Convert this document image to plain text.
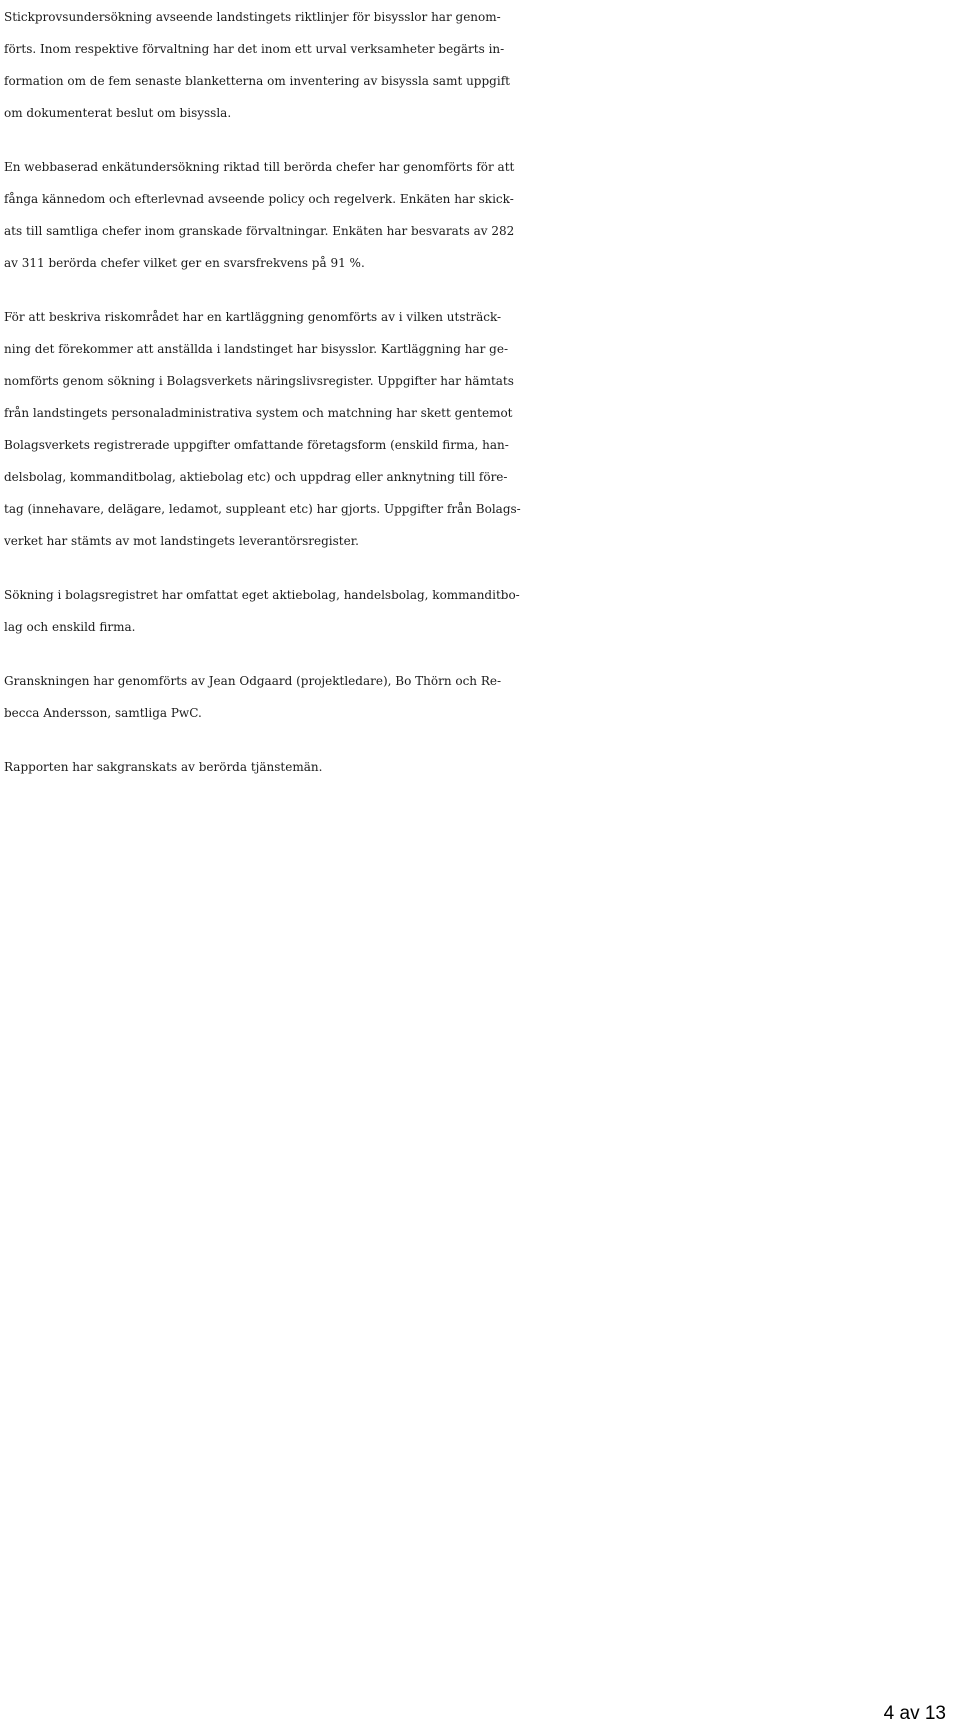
Stickprovsundersökning avseende landstingets riktlinjer för bisysslor har genom-
förts. Inom respektive förvaltning har det inom ett urval verksamheter begärts in-
formation om de fem senaste blanketterna om inventering av bisyssla samt uppgift
om dokumenterat beslut om bisyssla.

En webbaserad enkätundersökning riktad till berörda chefer har genomförts för att
fånga kännedom och efterlevnad avseende policy och regelverk. Enkäten har skick-
ats till samtliga chefer inom granskade förvaltningar. Enkäten har besvarats av 282
av 311 berörda chefer vilket ger en svarsfrekvens på 91 %.

För att beskriva riskområdet har en kartläggning genomförts av i vilken utsträck-
ning det förekommer att anställda i landstinget har bisysslor. Kartläggning har ge-
nomförts genom sökning i Bolagsverkets näringslivsregister. Uppgifter har hämtats
från landstingets personaladministrativa system och matchning har skett gentemot
Bolagsverkets registrerade uppgifter omfattande företagsform (enskild firma, han-
delsbolag, kommanditbolag, aktiebolag etc) och uppdrag eller anknytning till före-
tag (innehavare, delägare, ledamot, suppleant etc) har gjorts. Uppgifter från Bolags-
verket har stämts av mot landstingets leverantörsregister.

Sökning i bolagsregistret har omfattat eget aktiebolag, handelsbolag, kommanditbo-
lag och enskild firma.

Granskningen har genomförts av Jean Odgaard (projektledare), Bo Thörn och Re-
becca Andersson, samtliga PwC.

Rapporten har sakgranskats av berörda tjänstemän.

4 av 13
